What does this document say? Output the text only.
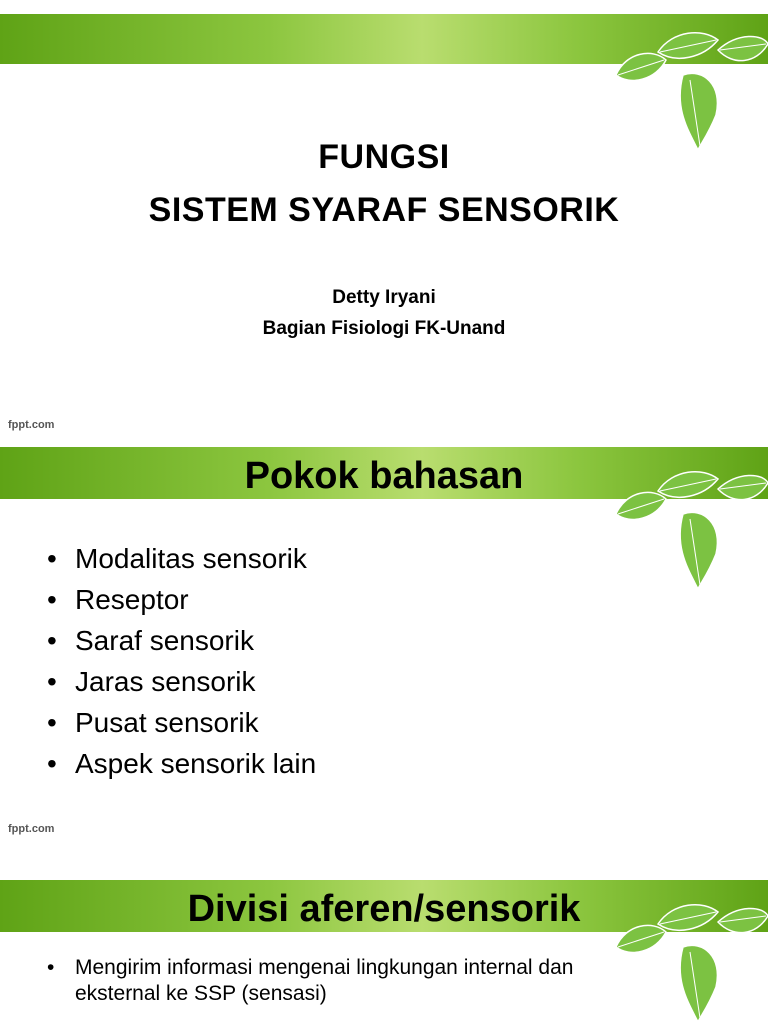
FUNGSI
SISTEM SYARAF SENSORIK
Detty Iryani
Bagian Fisiologi FK-Unand
fppt.com
Pokok bahasan
• Modalitas sensorik
• Reseptor
• Saraf sensorik
• Jaras sensorik
• Pusat sensorik
• Aspek sensorik lain
fppt.com
Divisi aferen/sensorik
• Mengirim informasi mengenai lingkungan internal dan eksternal ke SSP (sensasi)
